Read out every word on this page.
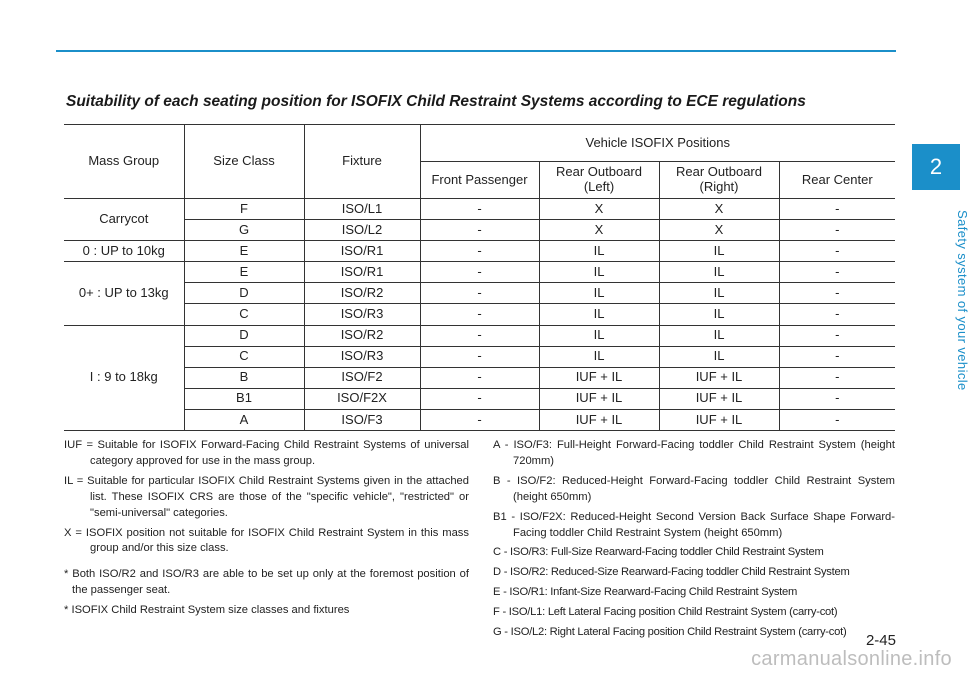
2
Safety system of your vehicle
Suitability of each seating position for ISOFIX Child Restraint Systems according to ECE regulations
Mass Group	Size Class	Fixture	Vehicle ISOFIX Positions			
			Front Passenger	Rear Outboard (Left)	Rear Outboard (Right)	Rear Center
Carrycot	F	ISO/L1	-	X	X	-
	G	ISO/L2	-	X	X	-
0 : UP to 10kg	E	ISO/R1	-	IL	IL	-
0+ : UP to 13kg	E	ISO/R1	-	IL	IL	-
	D	ISO/R2	-	IL	IL	-
	C	ISO/R3	-	IL	IL	-
I : 9 to 18kg	D	ISO/R2	-	IL	IL	-
	C	ISO/R3	-	IL	IL	-
	B	ISO/F2	-	IUF + IL	IUF + IL	-
	B1	ISO/F2X	-	IUF + IL	IUF + IL	-
	A	ISO/F3	-	IUF + IL	IUF + IL	-

IUF = Suitable for ISOFIX Forward-Facing Child Restraint Systems of universal category approved for use in the mass group.

IL = Suitable for particular ISOFIX Child Restraint Systems given in the attached list. These ISOFIX CRS are those of the "specific vehicle", "restricted" or "semi-universal" categories.

X = ISOFIX position not suitable for ISOFIX Child Restraint System in this mass group and/or this size class.

* Both ISO/R2 and ISO/R3 are able to be set up only at the foremost position of the passenger seat.

* ISOFIX Child Restraint System size classes and fixtures

A - ISO/F3: Full-Height Forward-Facing toddler Child Restraint System (height 720mm)

B - ISO/F2: Reduced-Height Forward-Facing toddler Child Restraint System (height 650mm)

B1 - ISO/F2X: Reduced-Height Second Version Back Surface Shape Forward-Facing toddler Child Restraint System (height 650mm)

C - ISO/R3: Full-Size Rearward-Facing toddler Child Restraint System

D - ISO/R2: Reduced-Size Rearward-Facing toddler Child Restraint System

E - ISO/R1: Infant-Size Rearward-Facing Child Restraint System

F - ISO/L1: Left Lateral Facing position Child Restraint System (carry-cot)

G - ISO/L2: Right Lateral Facing position Child Restraint System (carry-cot)	2-45
carmanualsonline.info
